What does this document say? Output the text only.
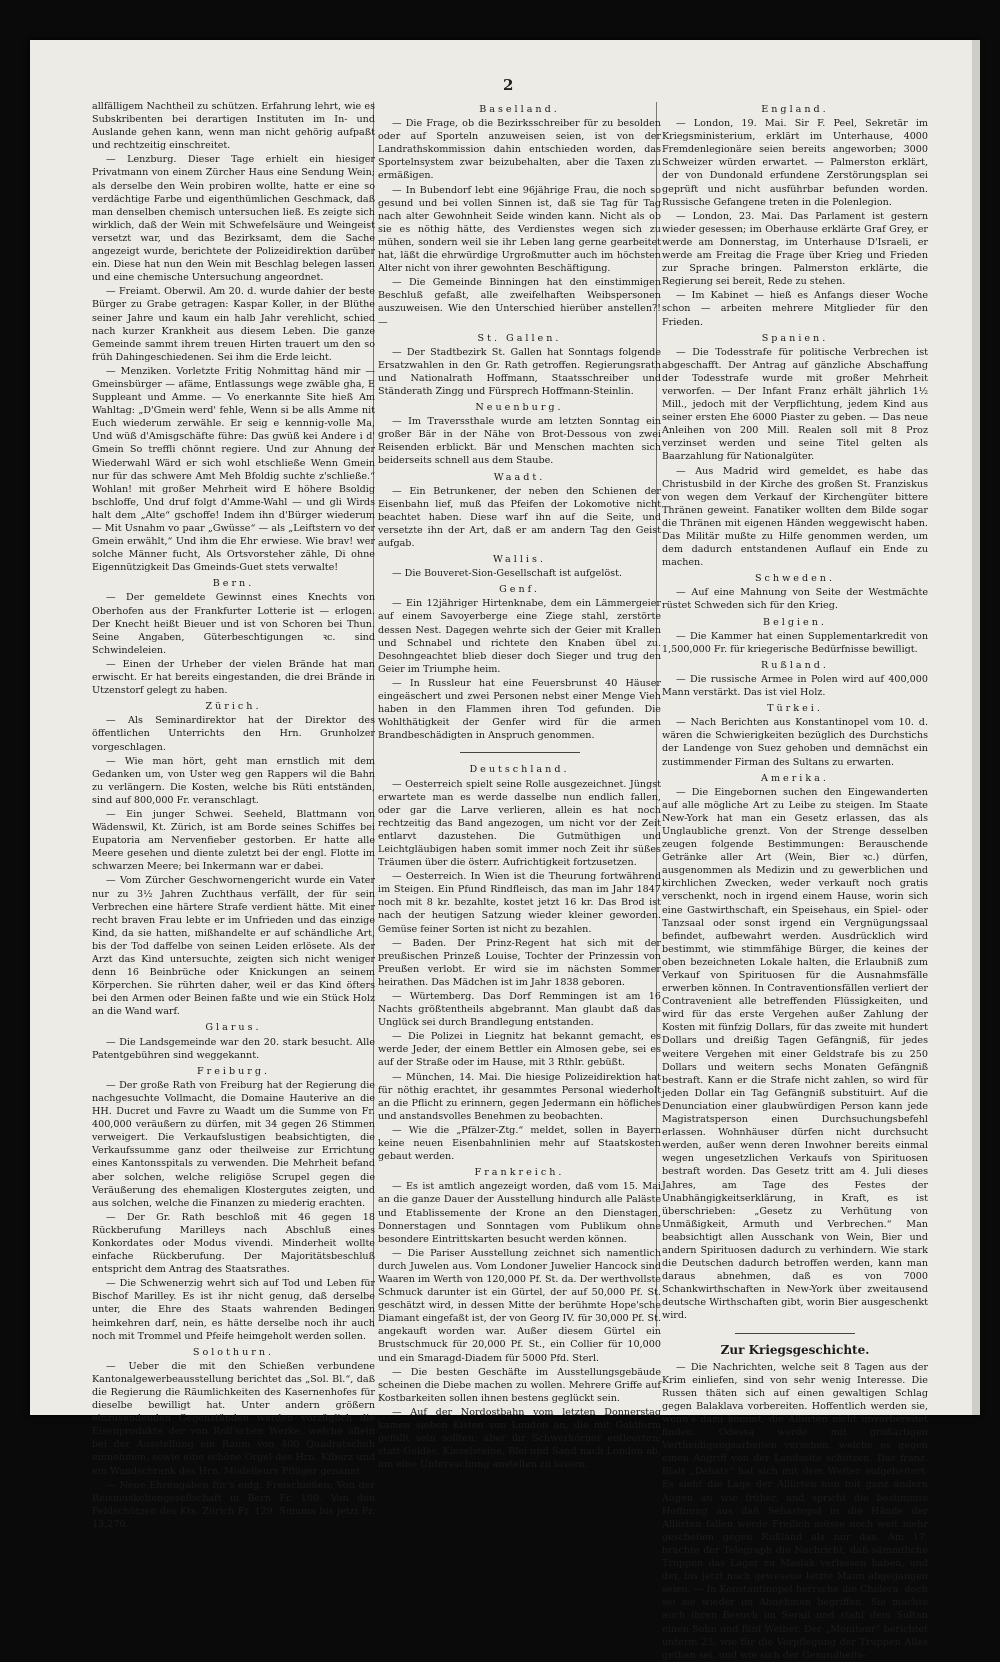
2

allfälligem Nachtheil zu schützen. Erfahrung lehrt, wie es Subskribenten bei derartigen Instituten im In- und Auslande gehen kann, wenn man nicht gehörig aufpaßt und rechtzeitig einschreitet.

— Lenzburg. Dieser Tage erhielt ein hiesiger Privatmann von einem Zürcher Haus eine Sendung Wein; als derselbe den Wein probiren wollte, hatte er eine so verdächtige Farbe und eigenthümlichen Geschmack, daß man denselben chemisch untersuchen ließ. Es zeigte sich wirklich, daß der Wein mit Schwefelsäure und Weingeist versetzt war, und das Bezirksamt, dem die Sache angezeigt wurde, berichtete der Polizeidirektion darüber ein. Diese hat nun den Wein mit Beschlag belegen lassen und eine chemische Untersuchung angeordnet.

— Freiamt. Oberwil. Am 20. d. wurde dahier der beste Bürger zu Grabe getragen: Kaspar Koller, in der Blüthe seiner Jahre und kaum ein halb Jahr verehlicht, schied nach kurzer Krankheit aus diesem Leben. Die ganze Gemeinde sammt ihrem treuen Hirten trauert um den so früh Dahingeschiedenen. Sei ihm die Erde leicht.

— Menziken. Vorletzte Fritig Nohmittag händ mir — Gmeinsbürger — afäme, Entlassungs wege zwäble gha, E Suppleant und Amme. — Vo enerkannte Site hieß Am Wahltag: „D'Gmein werd' fehle, Wenn si be alls Amme nit Euch wiederum zerwähle. Er seig e kennnig-volle Ma, Und wüß d'Amisgschäfte führe: Das gwüß kei Andere i d' Gmein So treffli chönnt regiere. Und zur Ahnung der Wiederwahl Wärd er sich wohl etschließe Wenn Gmein nur für das schwere Amt Meh Bfoldig suchte z'schließe.“ Wohlan! mit großer Mehrheit wird E höhere Bsoldig bschloffe, Und druf folgt d'Amme-Wahl — und gli Wirds halt dem „Alte“ gschoffe! Indem ihn d'Bürger wiederum — Mit Usnahm vo paar „Gwüsse“ — als „Leiftstern vo der Gmein erwählt,“ Und ihm die Ehr erwiese. Wie brav! wer solche Männer fucht, Als Ortsvorsteher zähle, Di ohne Eigennützigkeit Das Gmeinds-Guet stets verwalte!

Bern.

— Der gemeldete Gewinnst eines Knechts von Oberhofen aus der Frankfurter Lotterie ist — erlogen. Der Knecht heißt Bieuer und ist von Schoren bei Thun. Seine Angaben, Güterbeschtigungen ꝛc. sind Schwindeleien.

— Einen der Urheber der vielen Brände hat man erwischt. Er hat bereits eingestanden, die drei Brände in Utzenstorf gelegt zu haben.

Zürich.

— Als Seminardirektor hat der Direktor des öffentlichen Unterrichts den Hrn. Grunholzer vorgeschlagen.

— Wie man hört, geht man ernstlich mit dem Gedanken um, von Uster weg gen Rappers wil die Bahn zu verlängern. Die Kosten, welche bis Rüti entständen, sind auf 800,000 Fr. veranschlagt.

— Ein junger Schwei. Seeheld, Blattmann von Wädenswil, Kt. Zürich, ist am Borde seines Schiffes bei Eupatoria am Nervenfieber gestorben. Er hatte alle Meere gesehen und diente zuletzt bei der engl. Flotte im schwarzen Meere; bei Inkermann war er dabei.

— Vom Zürcher Geschwornengericht wurde ein Vater nur zu 3½ Jahren Zuchthaus verfällt, der für sein Verbrechen eine härtere Strafe verdient hätte. Mit einer recht braven Frau lebte er im Unfrieden und das einzige Kind, da sie hatten, mißhandelte er auf schändliche Art, bis der Tod daffelbe von seinen Leiden erlösete. Als der Arzt das Kind untersuchte, zeigten sich nicht weniger denn 16 Beinbrüche oder Knickungen an seinem Körperchen. Sie rührten daher, weil er das Kind öfters bei den Armen oder Beinen faßte und wie ein Stück Holz an die Wand warf.

Glarus.

— Die Landsgemeinde war den 20. stark besucht. Alle Patentgebühren sind weggekannt.

Freiburg.

— Der große Rath von Freiburg hat der Regierung die nachgesuchte Vollmacht, die Domaine Hauterive an die HH. Ducret und Favre zu Waadt um die Summe von Fr. 400,000 veräußern zu dürfen, mit 34 gegen 26 Stimmen verweigert. Die Verkaufslustigen beabsichtigten, die Verkaufssumme ganz oder theilweise zur Errichtung eines Kantonsspitals zu verwenden. Die Mehrheit befand aber solchen, welche religiöse Scrupel gegen die Veräußerung des ehemaligen Klostergutes zeigten, und aus solchen, welche die Finanzen zu miederig erachten.

— Der Gr. Rath beschloß mit 46 gegen 18 Rückberufung Marilleys nach Abschluß eines Konkordates oder Modus vivendi. Minderheit wollte einfache Rückberufung. Der Majoritätsbeschluß entspricht dem Antrag des Staatsrathes.

— Die Schwenerzig wehrt sich auf Tod und Leben für Bischof Marilley. Es ist ihr nicht genug, daß derselbe unter, die Ehre des Staats wahrenden Bedingen heimkehren darf, nein, es hätte derselbe noch ihr auch noch mit Trommel und Pfeife heimgeholt werden sollen.

Solothurn.

— Ueber die mit den Schießen verbundene Kantonalgewerbeausstellung berichtet das „Sol. Bl.“, daß die Regierung die Räumlichkeiten des Kasernenhofes für dieselbe bewilligt hat. Unter andern größern einzusendenden Gegenständen werden vorzüglich die Eisenprodukte der von Roll'schen Werke, welche allein bei der Ausstellung ein Raum von 400 Quadratschuh einnehmen, sowie eine schöne Orgel des Hrn. Kiburz und ein Wandschrank des Hrn. Modelleurs Pflüger genannt.

— Neue Ehrengaben für's eidg. Freischießen: Von der Reismuskeltengesellschaft in Bern Fr. 100. Von den Feldschützen des Kts. Zürich Fr. 129. Summa bis jetzt Fr. 13,270.

Baselland.

— Die Frage, ob die Bezirksschreiber für zu besolden oder auf Sporteln anzuweisen seien, ist von der Landrathskommission dahin entschieden worden, das Sportelnsystem zwar beizubehalten, aber die Taxen zu ermäßigen.

— In Bubendorf lebt eine 96jährige Frau, die noch so gesund und bei vollen Sinnen ist, daß sie Tag für Tag nach alter Gewohnheit Seide winden kann. Nicht als ob sie es nöthig hätte, des Verdienstes wegen sich zu mühen, sondern weil sie ihr Leben lang gerne gearbeitet hat, läßt die ehrwürdige Urgroßmutter auch im höchsten Alter nicht von ihrer gewohnten Beschäftigung.

— Die Gemeinde Binningen hat den einstimmigen Beschluß gefaßt, alle zweifelhaften Weibspersonen auszuweisen. Wie den Unterschied hierüber anstellen?! —

St. Gallen.

— Der Stadtbezirk St. Gallen hat Sonntags folgende Ersatzwahlen in den Gr. Rath getroffen. Regierungsrath und Nationalrath Hoffmann, Staatsschreiber und Ständerath Zingg und Fürsprech Hoffmann-Steinlin.

Neuenburg.

— Im Traverssthale wurde am letzten Sonntag ein großer Bär in der Nähe von Brot-Dessous von zwei Reisenden erblickt. Bär und Menschen machten sich beiderseits schnell aus dem Staube.

Waadt.

— Ein Betrunkener, der neben den Schienen der Eisenbahn lief, muß das Pfeifen der Lokomotive nicht beachtet haben. Diese warf ihn auf die Seite, und versetzte ihn der Art, daß er am andern Tag den Geist aufgab.

Wallis.

— Die Bouveret-Sion-Gesellschaft ist aufgelöst.

Genf.

— Ein 12jähriger Hirtenknabe, dem ein Lämmergeier auf einem Savoyerberge eine Ziege stahl, zerstörte dessen Nest. Dagegen wehrte sich der Geier mit Krallen und Schnabel und richtete den Knaben übel zu. Desohngeachtet blieb dieser doch Sieger und trug den Geier im Triumphe heim.

— In Russleur hat eine Feuersbrunst 40 Häuser eingeäschert und zwei Personen nebst einer Menge Vieh haben in den Flammen ihren Tod gefunden. Die Wohlthätigkeit der Genfer wird für die armen Brandbeschädigten in Anspruch genommen.

Deutschland.

— Oesterreich spielt seine Rolle ausgezeichnet. Jüngst erwartete man es werde dasselbe nun endlich fallen, oder gar die Larve verlieren, allein es hat noch rechtzeitig das Band angezogen, um nicht vor der Zeit entlarvt dazustehen. Die Gutmüthigen und Leichtgläubigen haben somit immer noch Zeit ihr süßes Träumen über die österr. Aufrichtigkeit fortzusetzen.

— Oesterreich. In Wien ist die Theurung fortwährend im Steigen. Ein Pfund Rindfleisch, das man im Jahr 1847 noch mit 8 kr. bezahlte, kostet jetzt 16 kr. Das Brod ist nach der heutigen Satzung wieder kleiner geworden. Gemüse feiner Sorten ist nicht zu bezahlen.

— Baden. Der Prinz-Regent hat sich mit der preußischen Prinzeß Louise, Tochter der Prinzessin von Preußen verlobt. Er wird sie im nächsten Sommer heirathen. Das Mädchen ist im Jahr 1838 geboren.

— Würtemberg. Das Dorf Remmingen ist am 16 Nachts größtentheils abgebrannt. Man glaubt daß das Unglück sei durch Brandlegung entstanden.

— Die Polizei in Liegnitz hat bekannt gemacht, es werde Jeder, der einem Bettler ein Almosen gebe, sei es auf der Straße oder im Hause, mit 3 Rthlr. gebüßt.

— München, 14. Mai. Die hiesige Polizeidirektion hat für nöthig erachtet, ihr gesammtes Personal wiederholt an die Pflicht zu erinnern, gegen Jedermann ein höfliches und anstandsvolles Benehmen zu beobachten.

— Wie die „Pfälzer-Ztg.“ meldet, sollen in Bayern keine neuen Eisenbahnlinien mehr auf Staatskosten gebaut werden.

Frankreich.

— Es ist amtlich angezeigt worden, daß vom 15. Mai an die ganze Dauer der Ausstellung hindurch alle Paläste und Etablissemente der Krone an den Dienstagen, Donnerstagen und Sonntagen vom Publikum ohne besondere Eintrittskarten besucht werden können.

— Die Pariser Ausstellung zeichnet sich namentlich durch Juwelen aus. Vom Londoner Juwelier Hancock sind Waaren im Werth von 120,000 Pf. St. da. Der werthvollste Schmuck darunter ist ein Gürtel, der auf 50,000 Pf. St. geschätzt wird, in dessen Mitte der berühmte Hope'sche Diamant eingefaßt ist, der von Georg IV. für 30,000 Pf. St. angekauft worden war. Außer diesem Gürtel ein Brustschmuck für 20,000 Pf. St., ein Collier für 10,000 und ein Smaragd-Diadem für 5000 Pfd. Sterl.

— Die besten Geschäfte im Ausstellungsgebäude scheinen die Diebe machen zu wollen. Mehrere Griffe auf Kostbarkeiten sollen ihnen bestens geglückt sein.

— Auf der Nordostbahn vom letzten Donnerstag kamen sieben Kisten von London an, die mit Goldform gefüllt sein sollten; aber ihr Schwerkörner entleerten; statt Goldes, Kiezelsteine, Blei und Sand nach London ab, um eine Untersuchung anstellen zu lassen.

England.

— London, 19. Mai. Sir F. Peel, Sekretär im Kriegsministerium, erklärt im Unterhause, 4000 Fremdenlegionäre seien bereits angeworben; 3000 Schweizer würden erwartet. — Palmerston erklärt, der von Dundonald erfundene Zerstörungsplan sei geprüft und nicht ausführbar befunden worden. Russische Gefangene treten in die Polenlegion.

— London, 23. Mai. Das Parlament ist gestern wieder gesessen; im Oberhause erklärte Graf Grey, er werde am Donnerstag, im Unterhause D'Israeli, er werde am Freitag die Frage über Krieg und Frieden zur Sprache bringen. Palmerston erklärte, die Regierung sei bereit, Rede zu stehen.

— Im Kabinet — hieß es Anfangs dieser Woche schon — arbeiten mehrere Mitglieder für den Frieden.

Spanien.

— Die Todesstrafe für politische Verbrechen ist abgeschafft. Der Antrag auf gänzliche Abschaffung der Todesstrafe wurde mit großer Mehrheit verworfen. — Der Infant Franz erhält jährlich 1½ Mill., jedoch mit der Verpflichtung, jedem Kind aus seiner ersten Ehe 6000 Piaster zu geben. — Das neue Anleihen von 200 Mill. Realen soll mit 8 Proz verzinset werden und seine Titel gelten als Baarzahlung für Nationalgüter.

— Aus Madrid wird gemeldet, es habe das Christusbild in der Kirche des großen St. Franziskus von wegen dem Verkauf der Kirchengüter bittere Thränen geweint. Fanatiker wollten dem Bilde sogar die Thränen mit eigenen Händen weggewischt haben. Das Militär mußte zu Hilfe genommen werden, um dem dadurch entstandenen Auflauf ein Ende zu machen.

Schweden.

— Auf eine Mahnung von Seite der Westmächte rüstet Schweden sich für den Krieg.

Belgien.

— Die Kammer hat einen Supplementarkredit von 1,500,000 Fr. für kriegerische Bedürfnisse bewilligt.

Rußland.

— Die russische Armee in Polen wird auf 400,000 Mann verstärkt. Das ist viel Holz.

Türkei.

— Nach Berichten aus Konstantinopel vom 10. d. wären die Schwierigkeiten bezüglich des Durchstichs der Landenge von Suez gehoben und demnächst ein zustimmender Firman des Sultans zu erwarten.

Amerika.

— Die Eingebornen suchen den Eingewanderten auf alle mögliche Art zu Leibe zu steigen. Im Staate New-York hat man ein Gesetz erlassen, das als Unglaubliche grenzt. Von der Strenge desselben zeugen folgende Bestimmungen: Berauschende Getränke aller Art (Wein, Bier ꝛc.) dürfen, ausgenommen als Medizin und zu gewerblichen und kirchlichen Zwecken, weder verkauft noch gratis verschenkt, noch in irgend einem Hause, worin sich eine Gastwirthschaft, ein Speisehaus, ein Spiel- oder Tanzsaal oder sonst irgend ein Vergnügungssaal befindet, aufbewahrt werden. Ausdrücklich wird bestimmt, wie stimmfähige Bürger, die keines der oben bezeichneten Lokale halten, die Erlaubniß zum Verkauf von Spirituosen für die Ausnahmsfälle erwerben können. In Contraventionsfällen verliert der Contravenient alle betreffenden Flüssigkeiten, und wird für das erste Vergehen außer Zahlung der Kosten mit fünfzig Dollars, für das zweite mit hundert Dollars und dreißig Tagen Gefängniß, für jedes weitere Vergehen mit einer Geldstrafe bis zu 250 Dollars und weitern sechs Monaten Gefängniß bestraft. Kann er die Strafe nicht zahlen, so wird für jeden Dollar ein Tag Gefängniß substituirt. Auf die Denunciation einer glaubwürdigen Person kann jede Magistratsperson einen Durchsuchungsbefehl erlassen. Wohnhäuser dürfen nicht durchsucht werden, außer wenn deren Inwohner bereits einmal wegen ungesetzlichen Verkaufs von Spirituosen bestraft worden. Das Gesetz tritt am 4. Juli dieses Jahres, am Tage des Festes der Unabhängigkeitserklärung, in Kraft, es ist überschrieben: „Gesetz zu Verhütung von Unmäßigkeit, Armuth und Verbrechen.“ Man beabsichtigt allen Ausschank von Wein, Bier und andern Spirituosen dadurch zu verhindern. Wie stark die Deutschen dadurch betroffen werden, kann man daraus abnehmen, daß es von 7000 Schankwirthschaften in New-York über zweitausend deutsche Wirthschaften gibt, worin Bier ausgeschenkt wird.

Zur Kriegsgeschichte.

— Die Nachrichten, welche seit 8 Tagen aus der Krim einliefen, sind von sehr wenig Interesse. Die Russen thäten sich auf einen gewaltigen Schlag gegen Balaklava vorbereiten. Hoffentlich werden sie, wenn's dazu kommt, die Alliirten nicht unvorbereitet finden. Odessa werde mit großartigen Vertheidigungsarbeiten versehen, welche es gegen einen Angriff von der Landseite schützen. Das franz. Blatt „Debats“ hat sich mit dem Wetter aufgeheitert. Es sieht die Lage der Alliirten nun mit ganz andern Augen an wie früher, und spricht die bestimmte Hoffnung aus daß Sebastopol in die Hände der Alliirten fallen werde Freilich müsse noch weit mehr geschehen gegen Rußland als nur das. Am 17. brachte der Telegraph die Nachricht, daß sämmtliche Truppen das Lager zu Maslak verlassen haben, und der, bis jetzt noch gewesene letzte Mann abgegangen seien. — In Konstantinopel herrsche die Cholera, doch sei sie wieder im Abnehmen begriffen. Sie machte auch ihren Besuch im Serail und stahl dem Sultan einen Sohn und fünf Weiber. Der „Moniteur“ berichtet unterm 23. wie für die Verpflegung der Truppen Alles gethan sei, und wie sich der Gesundheits-
